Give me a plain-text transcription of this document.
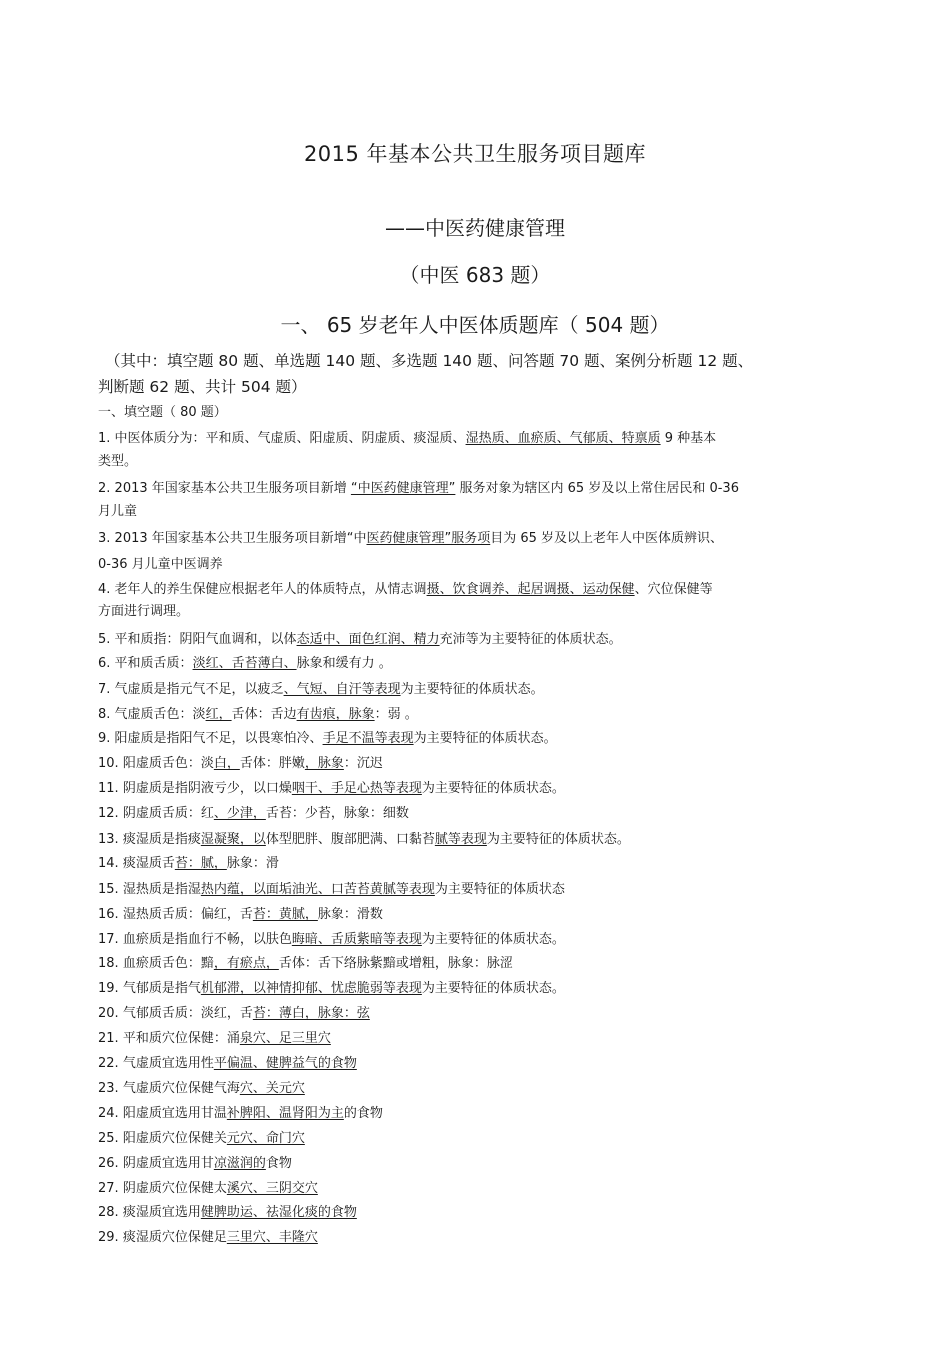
2015 年基本公共卫生服务项目题库
——中医药健康管理
（中医 683 题）
一、 65 岁老年人中医体质题库（ 504 题）
（其中：填空题 80 题、单选题 140 题、多选题 140 题、问答题 70 题、案例分析题 12 题、
判断题 62 题、共计 504 题）
一、填空题（ 80 题）
1. 中医体质分为：平和质、气虚质、阳虚质、阴虚质、痰湿质、湿热质、血瘀质、气郁质、特禀质 9 种基本
类型。
2. 2013 年国家基本公共卫生服务项目新增 “中医药健康管理” 服务对象为辖区内 65 岁及以上常住居民和 0-36
月儿童
3. 2013 年国家基本公共卫生服务项目新增“中医药健康管理”服务项目为 65 岁及以上老年人中医体质辨识、
0-36 月儿童中医调养
4. 老年人的养生保健应根据老年人的体质特点，从情志调摄、饮食调养、起居调摄、运动保健、穴位保健等
方面进行调理。
5. 平和质指：阴阳气血调和，以体态适中、面色红润、精力充沛等为主要特征的体质状态。
6. 平和质舌质：淡红、舌苔薄白、脉象和缓有力 。
7. 气虚质是指元气不足，以疲乏、气短、自汗等表现为主要特征的体质状态。
8. 气虚质舌色：淡红，舌体：舌边有齿痕，脉象：弱 。
9. 阳虚质是指阳气不足，以畏寒怕冷、手足不温等表现为主要特征的体质状态。
10. 阳虚质舌色：淡白，舌体：胖嫩，脉象：沉迟
11. 阴虚质是指阴液亏少，以口燥咽干、手足心热等表现为主要特征的体质状态。
12. 阴虚质舌质：红、少津，舌苔：少苔，脉象：细数
13. 痰湿质是指痰湿凝聚，以体型肥胖、腹部肥满、口黏苔腻等表现为主要特征的体质状态。
14. 痰湿质舌苔：腻，脉象：滑
15. 湿热质是指湿热内蕴，以面垢油光、口苦苔黄腻等表现为主要特征的体质状态
16. 湿热质舌质：偏红，舌苔：黄腻，脉象：滑数
17. 血瘀质是指血行不畅，以肤色晦暗、舌质紫暗等表现为主要特征的体质状态。
18. 血瘀质舌色：黯，有瘀点，舌体：舌下络脉紫黯或增粗，脉象：脉涩
19. 气郁质是指气机郁滞，以神情抑郁、忧虑脆弱等表现为主要特征的体质状态。
20. 气郁质舌质：淡红，舌苔：薄白，脉象：弦
21. 平和质穴位保健：涌泉穴、足三里穴
22. 气虚质宜选用性平偏温、健脾益气的食物
23. 气虚质穴位保健气海穴、关元穴
24. 阳虚质宜选用甘温补脾阳、温肾阳为主的食物
25. 阳虚质穴位保健关元穴、命门穴
26. 阴虚质宜选用甘凉滋润的食物
27. 阴虚质穴位保健太溪穴、三阴交穴
28. 痰湿质宜选用健脾助运、祛湿化痰的食物
29. 痰湿质穴位保健足三里穴、丰隆穴
